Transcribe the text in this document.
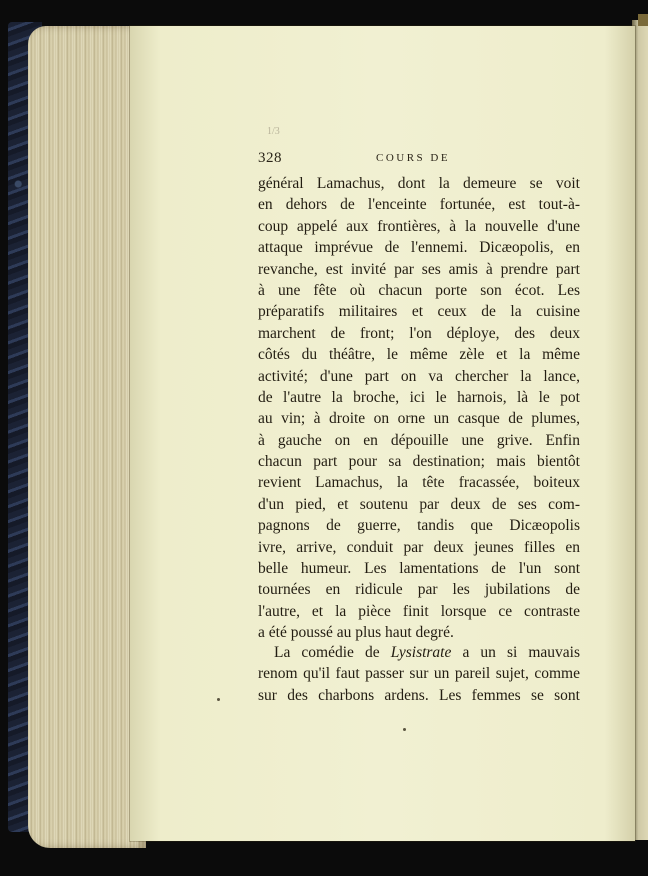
1/3
328	COURS DE
général Lamachus, dont la demeure se voit
en dehors de l'enceinte fortunée, est tout-à-
coup appelé aux frontières, à la nouvelle d'une
attaque imprévue de l'ennemi. Dicæopolis, en
revanche, est invité par ses amis à prendre part
à une fête où chacun porte son écot. Les
préparatifs militaires et ceux de la cuisine
marchent de front; l'on déploye, des deux
côtés du théâtre, le même zèle et la même
activité; d'une part on va chercher la lance,
de l'autre la broche, ici le harnois, là le pot
au vin; à droite on orne un casque de plumes,
à gauche on en dépouille une grive. Enfin
chacun part pour sa destination; mais bientôt
revient Lamachus, la tête fracassée, boiteux
d'un pied, et soutenu par deux de ses com-
pagnons de guerre, tandis que Dicæopolis
ivre, arrive, conduit par deux jeunes filles en
belle humeur. Les lamentations de l'un sont
tournées en ridicule par les jubilations de
l'autre, et la pièce finit lorsque ce contraste
a été poussé au plus haut degré.
La comédie de Lysistrate a un si mauvais
renom qu'il faut passer sur un pareil sujet, comme
sur des charbons ardens. Les femmes se sont
